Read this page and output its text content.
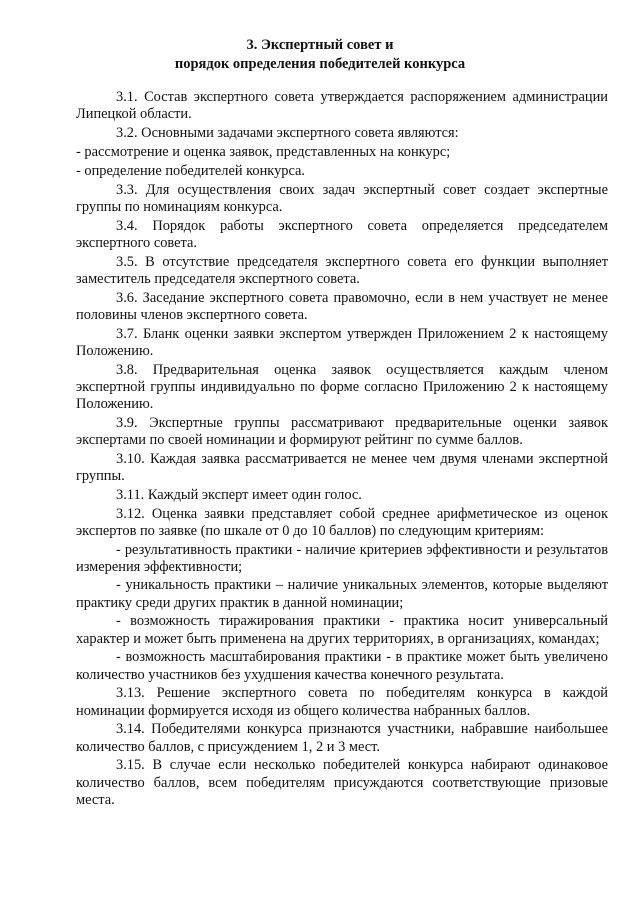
3. Экспертный совет и
порядок определения победителей конкурса

3.1. Состав экспертного совета утверждается распоряжением администрации Липецкой области.

3.2. Основными задачами экспертного совета являются:

- рассмотрение и оценка заявок, представленных на конкурс;

- определение победителей конкурса.

3.3. Для осуществления своих задач экспертный совет создает экспертные группы по номинациям конкурса.

3.4. Порядок работы экспертного совета определяется председателем экспертного совета.

3.5. В отсутствие председателя экспертного совета его функции выполняет заместитель председателя экспертного совета.

3.6. Заседание экспертного совета правомочно, если в нем участвует не менее половины членов экспертного совета.

3.7. Бланк оценки заявки экспертом утвержден Приложением 2 к настоящему Положению.

3.8. Предварительная оценка заявок осуществляется каждым членом экспертной группы индивидуально по форме согласно Приложению 2 к настоящему Положению.

3.9. Экспертные группы рассматривают предварительные оценки заявок экспертами по своей номинации и формируют рейтинг по сумме баллов.

3.10. Каждая заявка рассматривается не менее чем двумя членами экспертной группы.

3.11. Каждый эксперт имеет один голос.

3.12. Оценка заявки представляет собой среднее арифметическое из оценок экспертов по заявке (по шкале от 0 до 10 баллов) по следующим критериям:

- результативность практики - наличие критериев эффективности и результатов измерения эффективности;

- уникальность практики – наличие уникальных элементов, которые выделяют практику среди других практик в данной номинации;

- возможность тиражирования практики - практика носит универсальный характер и может быть применена на других территориях, в организациях, командах;

- возможность масштабирования практики - в практике может быть увеличено количество участников без ухудшения качества конечного результата.

3.13. Решение экспертного совета по победителям конкурса в каждой номинации формируется исходя из общего количества набранных баллов.

3.14. Победителями конкурса признаются участники, набравшие наибольшее количество баллов, с присуждением 1, 2 и 3 мест.

3.15. В случае если несколько победителей конкурса набирают одинаковое количество баллов, всем победителям присуждаются соответствующие призовые места.
